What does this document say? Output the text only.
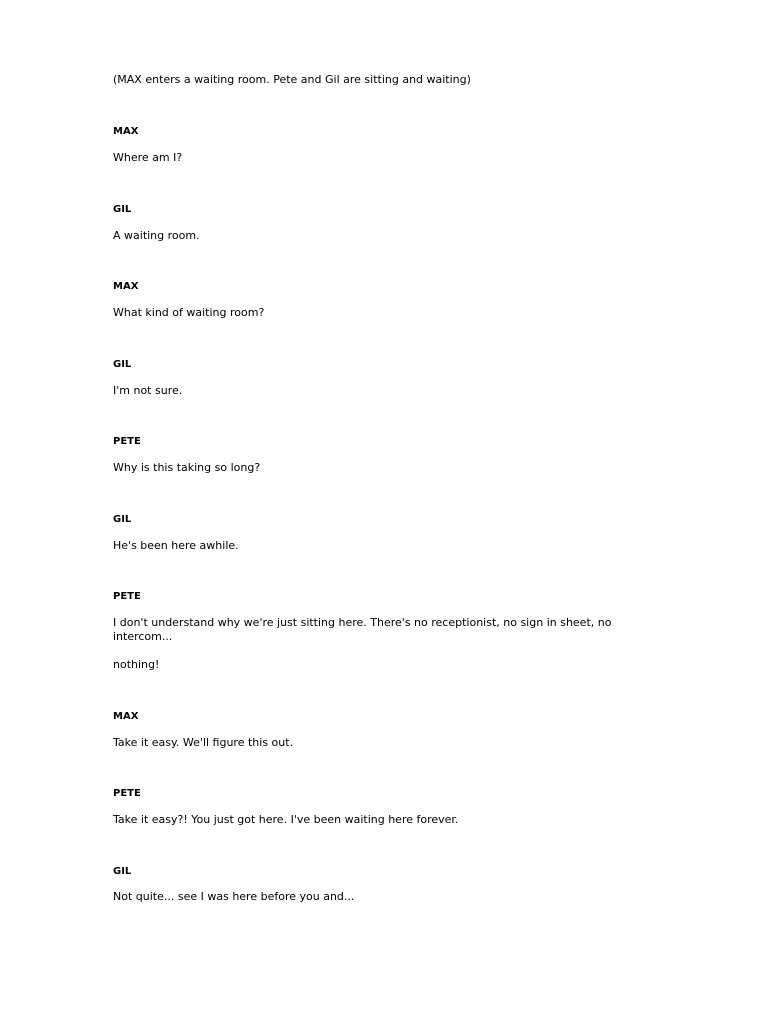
(MAX enters a waiting room. Pete and Gil are sitting and waiting)

MAX

Where am I?

GIL

A waiting room.

MAX

What kind of waiting room?

GIL

I'm not sure.

PETE

Why is this taking so long?

GIL

He's been here awhile.

PETE

I don't understand why we're just sitting here. There's no receptionist, no sign in sheet, no intercom...

nothing!

MAX

Take it easy. We'll figure this out.

PETE

Take it easy?! You just got here. I've been waiting here forever.

GIL

Not quite... see I was here before you and...
